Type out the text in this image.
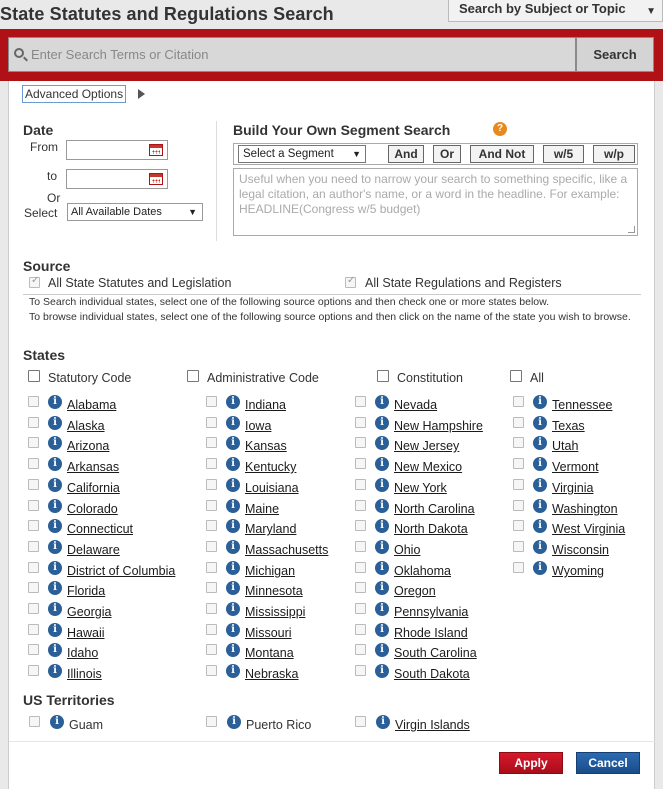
State Statutes and Regulations Search	Search by Subject or Topic ▼
Enter Search Terms or Citation	Search
Advanced Options
Date
From
to
Or
Select	All Available Dates	▼
Build Your Own Segment Search	?
Select a Segment ▼	And	Or	And Not	w/5	w/p
Useful when you need to narrow your search to something specific, like a legal citation, an author's name, or a word in the headline. For example: HEADLINE(Congress w/5 budget)
Source
✓
All State Statutes and Legislation
✓	All State Regulations and Registers
To Search individual states, select one of the following source options and then check one or more states below.
To browse individual states, select one of the following source options and then click on the name of the state you wish to browse.
States
Statutory Code	Administrative Code	Constitution	All
i Alabama
i Alaska
i Arizona
i Arkansas
i California
i Colorado
i Connecticut
i Delaware
i District of Columbia
i Florida
i Georgia
i Hawaii
i Idaho
i Illinois
i Indiana
i Iowa
i Kansas
i Kentucky
i Louisiana
i Maine
i Maryland
i Massachusetts
i Michigan
i Minnesota
i Mississippi
i Missouri
i Montana
i Nebraska
i Nevada
i New Hampshire
i New Jersey
i New Mexico
i New York
i North Carolina
i North Dakota
i Ohio
i Oklahoma
i Oregon
i Pennsylvania
i Rhode Island
i South Carolina
i South Dakota
i Tennessee
i Texas
i Utah
i Vermont
i Virginia
i Washington
i West Virginia
i Wisconsin
i Wyoming
US Territories
i Guam	i Puerto Rico	i Virgin Islands
Apply	Cancel
